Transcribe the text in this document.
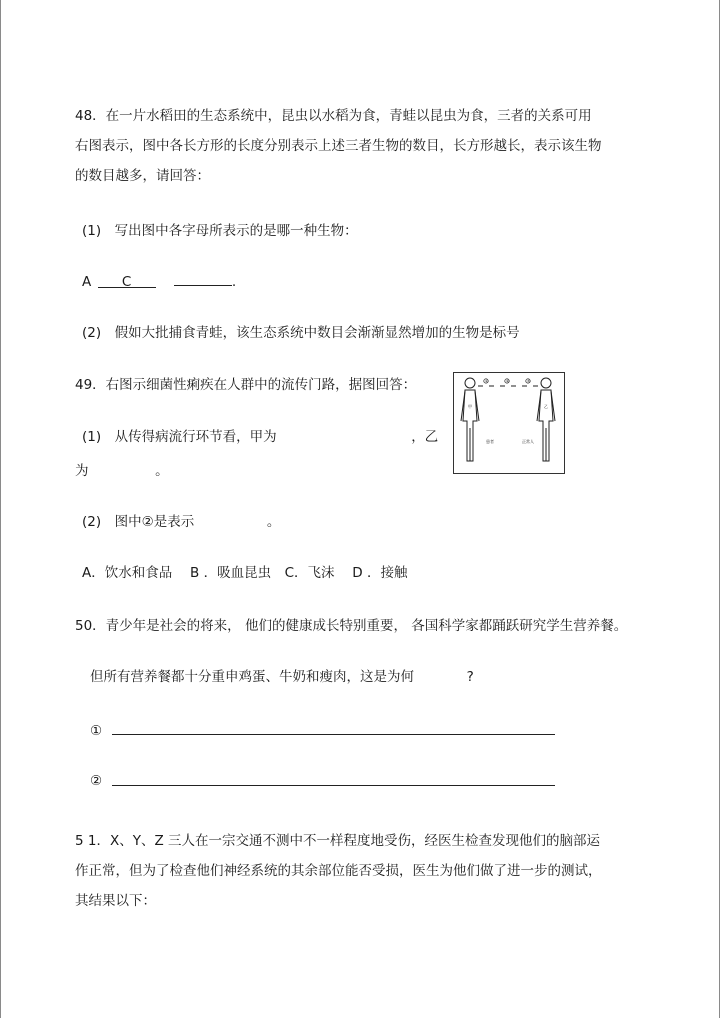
48．在一片水稻田的生态系统中，昆虫以水稻为食，青蛙以昆虫为食，三者的关系可用
右图表示，图中各长方形的长度分别表示上述三者生物的数目，长方形越长，表示该生物
的数目越多，请回答：
(1)　写出图中各字母所表示的是哪一种生物：
A C	.
(2)　假如大批捕食青蛙，该生态系统中数目会渐渐显然增加的生物是标号
49．右图示细菌性痢疾在人群中的流传门路，据图回答：	①	②	③
甲	乙
患者	正常人
(1)　从传得病流行环节看，甲为	，乙
为	。
(2)　图中②是表示	。
A．饮水和食品　 B ．吸血昆虫　C．飞沫　 D ．接触
50．青少年是社会的将来， 他们的健康成长特别重要， 各国科学家都踊跃研究学生营养餐。
但所有营养餐都十分重申鸡蛋、牛奶和瘦肉，这是为何	?
①
②
5 1．X、Y、Z 三人在一宗交通不测中不一样程度地受伤，经医生检查发现他们的脑部运
作正常，但为了检查他们神经系统的其余部位能否受损，医生为他们做了进一步的测试，
其结果以下：
